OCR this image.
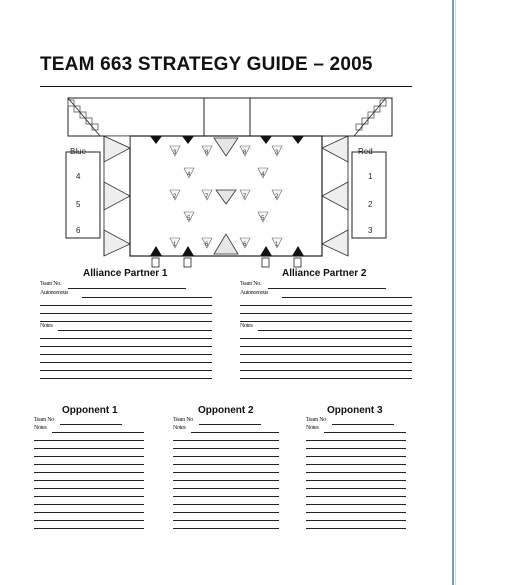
TEAM 663 STRATEGY GUIDE – 2005
Blue	Red
4
5
6
1
2
3
3	8	8	3
4	4
2	7	7	2
5	5
1	6	6	1
Alliance Partner 1
Team No.
Autonomous
Notes
Alliance Partner 2
Team No.
Autonomous
Notes
Opponent 1
Team No
Notes
Opponent 2
Team No
Notes
Opponent 3
Team No
Notes
